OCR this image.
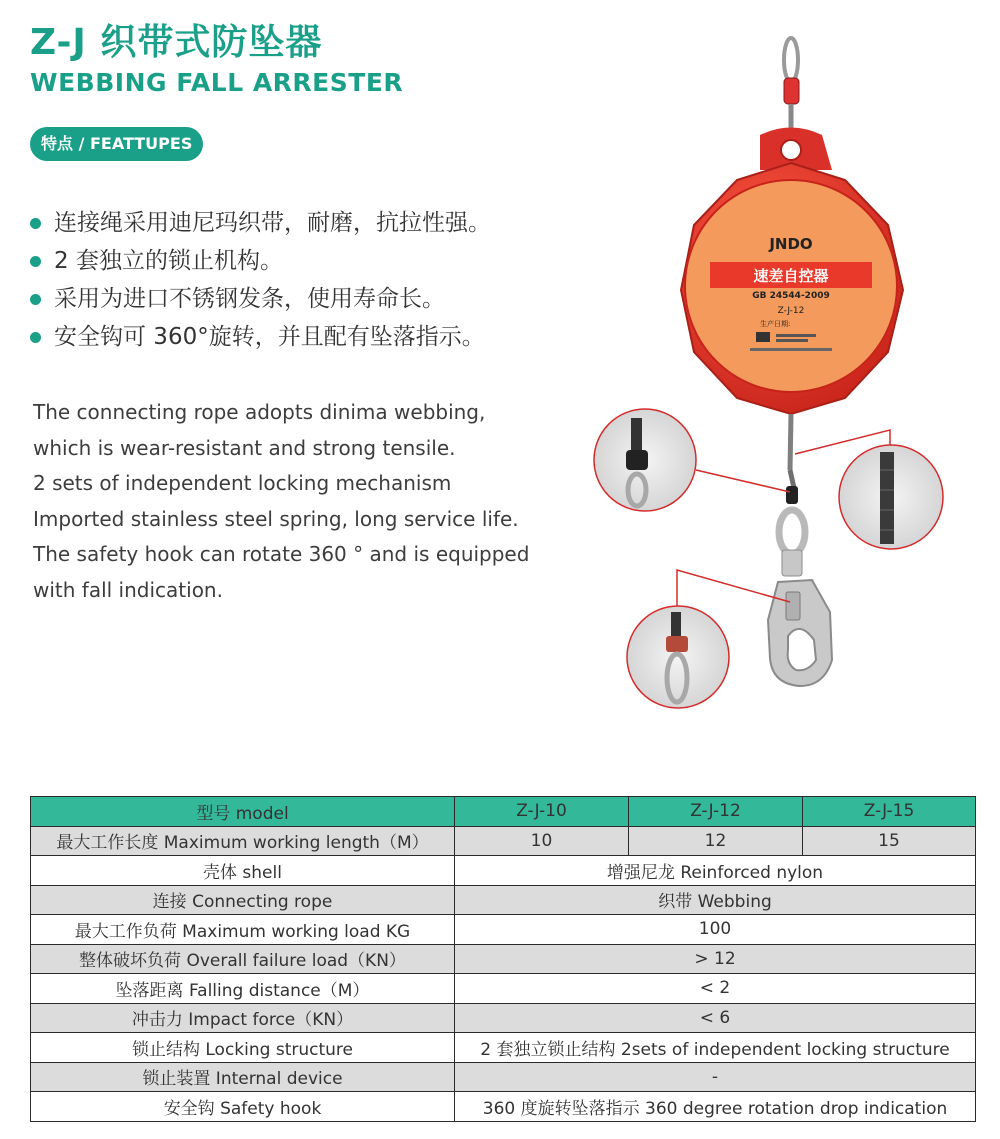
Z-J 织带式防坠器
WEBBING FALL ARRESTER
特点 / FEATTUPES
连接绳采用迪尼玛织带，耐磨，抗拉性强。
2 套独立的锁止机构。
采用为进口不锈钢发条，使用寿命长。
安全钩可 360°旋转，并且配有坠落指示。
The connecting rope adopts dinima webbing,
which is wear-resistant and strong tensile.
2 sets of independent locking mechanism
Imported stainless steel spring, long service life.
The safety hook can rotate 360 ° and is equipped
with fall indication.
JNDO
速差自控器
GB 24544-2009
Z-J-12
生产日期:
型号 model	Z-J-10	Z-J-12	Z-J-15
最大工作长度 Maximum working length（M）	10	12	15
壳体 shell	增强尼龙 Reinforced nylon		
连接 Connecting rope	织带 Webbing		
最大工作负荷 Maximum working load KG	100		
整体破坏负荷 Overall failure load（KN）	> 12		
坠落距离 Falling distance（M）	< 2		
冲击力 Impact force（KN）	< 6		
锁止结构 Locking structure	2 套独立锁止结构 2sets of independent locking structure		
锁止装置 Internal device	-		
安全钩 Safety hook	360 度旋转坠落指示 360 degree rotation drop indication		
